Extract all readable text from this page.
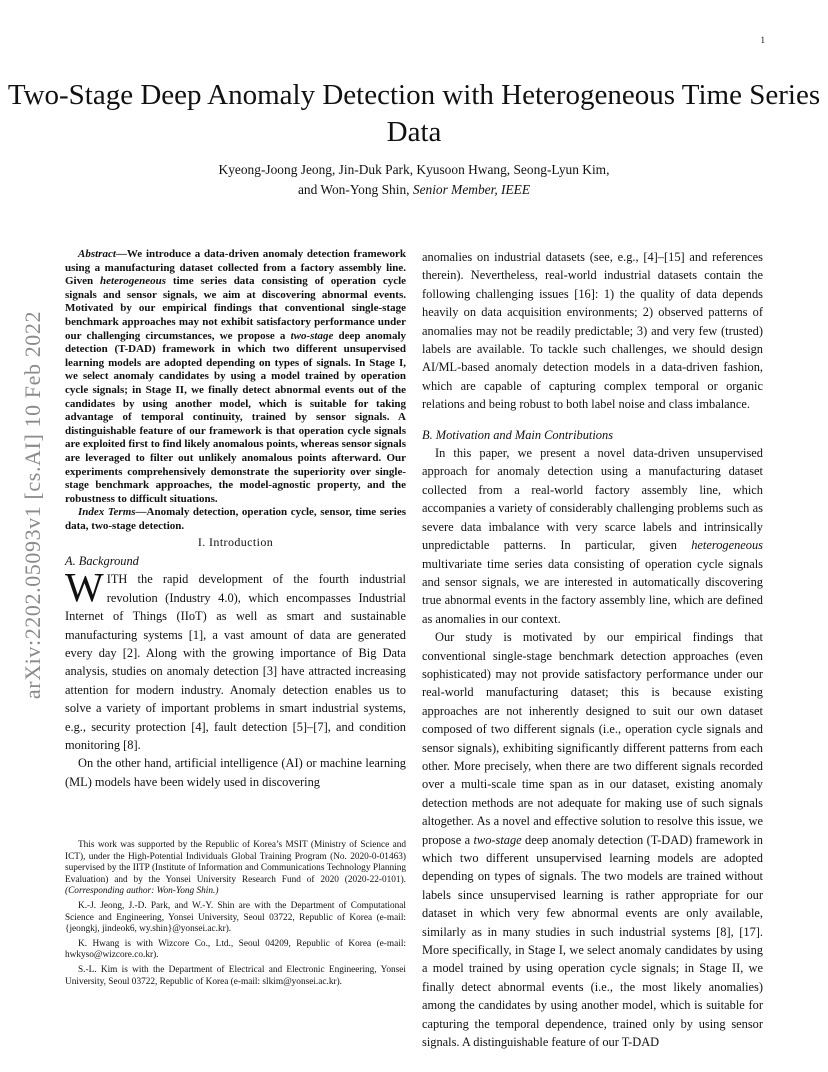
1
arXiv:2202.05093v1 [cs.AI] 10 Feb 2022
Two-Stage Deep Anomaly Detection with Heterogeneous Time Series Data
Kyeong-Joong Jeong, Jin-Duk Park, Kyusoon Hwang, Seong-Lyun Kim,
and Won-Yong Shin, Senior Member, IEEE

Abstract—We introduce a data-driven anomaly detection framework using a manufacturing dataset collected from a factory assembly line. Given heterogeneous time series data consisting of operation cycle signals and sensor signals, we aim at discovering abnormal events. Motivated by our empirical findings that conventional single-stage benchmark approaches may not exhibit satisfactory performance under our challenging circumstances, we propose a two-stage deep anomaly detection (T-DAD) framework in which two different unsupervised learning models are adopted depending on types of signals. In Stage I, we select anomaly candidates by using a model trained by operation cycle signals; in Stage II, we finally detect abnormal events out of the candidates by using another model, which is suitable for taking advantage of temporal continuity, trained by sensor signals. A distinguishable feature of our framework is that operation cycle signals are exploited first to find likely anomalous points, whereas sensor signals are leveraged to filter out unlikely anomalous points afterward. Our experiments comprehensively demonstrate the superiority over single-stage benchmark approaches, the model-agnostic property, and the robustness to difficult situations.

Index Terms—Anomaly detection, operation cycle, sensor, time series data, two-stage detection.

I. Introduction

A. Background

WITH the rapid development of the fourth industrial revolution (Industry 4.0), which encompasses Industrial Internet of Things (IIoT) as well as smart and sustainable manufacturing systems [1], a vast amount of data are generated every day [2]. Along with the growing importance of Big Data analysis, studies on anomaly detection [3] have attracted increasing attention for modern industry. Anomaly detection enables us to solve a variety of important problems in smart industrial systems, e.g., security protection [4], fault detection [5]–[7], and condition monitoring [8].

On the other hand, artificial intelligence (AI) or machine learning (ML) models have been widely used in discovering

This work was supported by the Republic of Korea’s MSIT (Ministry of Science and ICT), under the High-Potential Individuals Global Training Program (No. 2020-0-01463) supervised by the IITP (Institute of Information and Communications Technology Planning Evaluation) and by the Yonsei University Research Fund of 2020 (2020-22-0101). (Corresponding author: Won-Yong Shin.)

K.-J. Jeong, J.-D. Park, and W.-Y. Shin are with the Department of Computational Science and Engineering, Yonsei University, Seoul 03722, Republic of Korea (e-mail: {jeongkj, jindeok6, wy.shin}@yonsei.ac.kr).

K. Hwang is with Wizcore Co., Ltd., Seoul 04209, Republic of Korea (e-mail: hwkyso@wizcore.co.kr).

S.-L. Kim is with the Department of Electrical and Electronic Engineering, Yonsei University, Seoul 03722, Republic of Korea (e-mail: slkim@yonsei.ac.kr).

anomalies on industrial datasets (see, e.g., [4]–[15] and references therein). Nevertheless, real-world industrial datasets contain the following challenging issues [16]: 1) the quality of data depends heavily on data acquisition environments; 2) observed patterns of anomalies may not be readily predictable; 3) and very few (trusted) labels are available. To tackle such challenges, we should design AI/ML-based anomaly detection models in a data-driven fashion, which are capable of capturing complex temporal or organic relations and being robust to both label noise and class imbalance.

B. Motivation and Main Contributions

In this paper, we present a novel data-driven unsupervised approach for anomaly detection using a manufacturing dataset collected from a real-world factory assembly line, which accompanies a variety of considerably challenging problems such as severe data imbalance with very scarce labels and intrinsically unpredictable patterns. In particular, given heterogeneous multivariate time series data consisting of operation cycle signals and sensor signals, we are interested in automatically discovering true abnormal events in the factory assembly line, which are defined as anomalies in our context.

Our study is motivated by our empirical findings that conventional single-stage benchmark detection approaches (even sophisticated) may not provide satisfactory performance under our real-world manufacturing dataset; this is because existing approaches are not inherently designed to suit our own dataset composed of two different signals (i.e., operation cycle signals and sensor signals), exhibiting significantly different patterns from each other. More precisely, when there are two different signals recorded over a multi-scale time span as in our dataset, existing anomaly detection methods are not adequate for making use of such signals altogether. As a novel and effective solution to resolve this issue, we propose a two-stage deep anomaly detection (T-DAD) framework in which two different unsupervised learning models are adopted depending on types of signals. The two models are trained without labels since unsupervised learning is rather appropriate for our dataset in which very few abnormal events are only available, similarly as in many studies in such industrial systems [8], [17]. More specifically, in Stage I, we select anomaly candidates by using a model trained by using operation cycle signals; in Stage II, we finally detect abnormal events (i.e., the most likely anomalies) among the candidates by using another model, which is suitable for capturing the temporal dependence, trained only by using sensor signals. A distinguishable feature of our T-DAD
